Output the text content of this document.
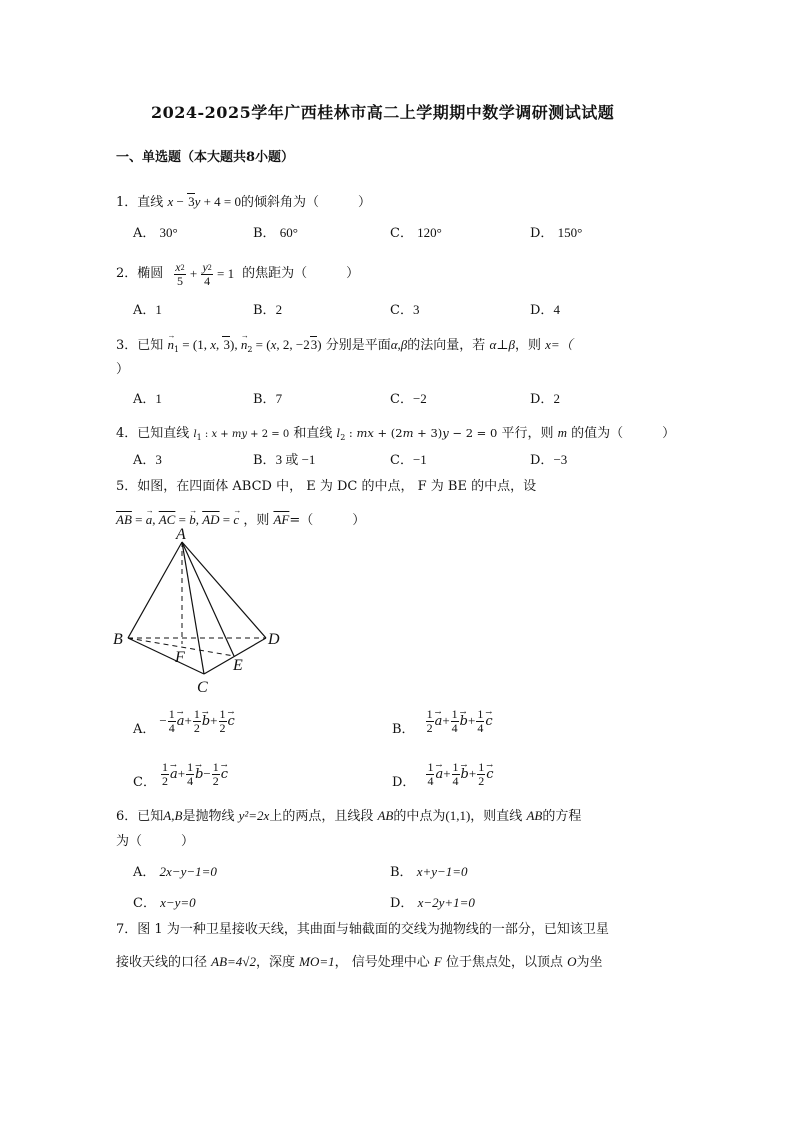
2024-2025学年广西桂林市高二上学期期中数学调研测试试题
一、单选题（本大题共8小题）
1．直线 x − 3y + 4 = 0的倾斜角为（　　　）
A． 30°	B． 60°	C． 120°	D． 150°
2． 椭圆 $\frac{x^2}{5} + \frac{y^2}{4} = 1$ 的焦距为（　　　）
A．1	B．2	C．3	D．4
3．已知 → $n_1 = (1$, x, 3), → $n_2 = (x$, 2, −23) 分别是平面α,β的法向量，若 α⊥β，则 x=（
）
A．1	B．7	C．−2	D．2
4．已知直线 $l_1$ : x + my + 2 = 0 和直线 $l_2$ : mx + (2m + 3)y − 2 = 0 平行，则 m 的值为（　　　）
A．3	B．3 或 −1	C．−1	D．−3
5．如图，在四面体 ABCD 中， E 为 DC 的中点， F 为 BE 的中点，设
$\overline{AB}$ = → a, $\overline{AC}$ = → b, $\overline{AD}$ = → c ，则 $\overline{AF}=$（　　　）
A
B
C
D
E
F
A．
− $\frac{1}{4} \to a+ \frac{1}{2} \to b+ \frac{1}{2} \to c$
B． $\frac{1}{2} \to a+ \frac{1}{4} \to b+ \frac{1}{4} \to c$
C． $\frac{1}{2} \to a+ \frac{1}{4} \to b- \frac{1}{2} \to c$
D． $\frac{1}{4} \to a+ \frac{1}{4} \to b+ \frac{1}{2} \to c$
6．已知A,B是抛物线 y²=2x上的两点，且线段 AB的中点为(1,1)，则直线 AB的方程
为（　　　）
A． 2x−y−1=0	B． x+y−1=0
C． x−y=0	D． x−2y+1=0
7．图 1 为一种卫星接收天线，其曲面与轴截面的交线为抛物线的一部分，已知该卫星
接收天线的口径 AB=4√2，深度 MO=1， 信号处理中心 F 位于焦点处，以顶点 O为坐
